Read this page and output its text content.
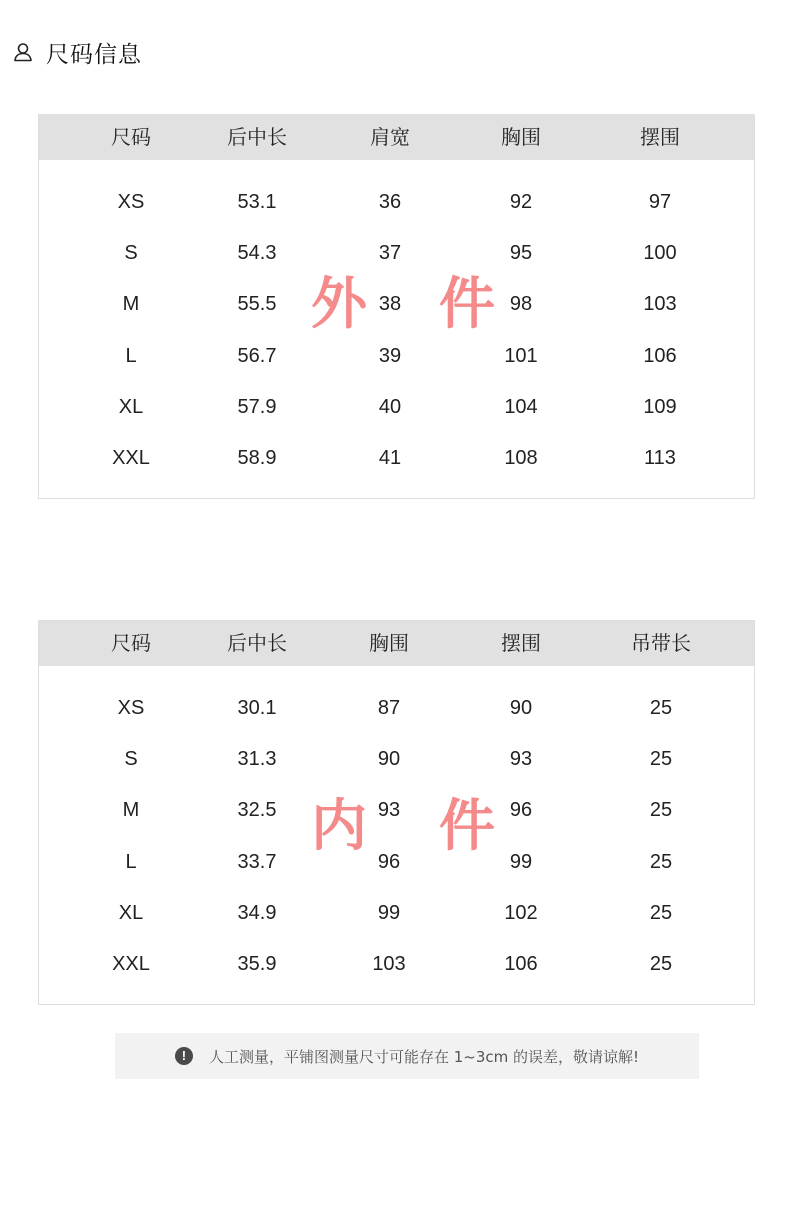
尺码信息
尺码	后中长	肩宽	胸围	摆围
XS	53.1	36	92	97
S	54.3	37	95	100
M	55.5	38	98	103
L	56.7	39	101	106
XL	57.9	40	104	109
XXL	58.9	41	108	113
外 件
尺码	后中长	胸围	摆围	吊带长
XS	30.1	87	90	25
S	31.3	90	93	25
M	32.5	93	96	25
L	33.7	96	99	25
XL	34.9	99	102	25
XXL	35.9	103	106	25
内 件
!	人工测量，平铺图测量尺寸可能存在 1~3cm 的误差，敬请谅解!
